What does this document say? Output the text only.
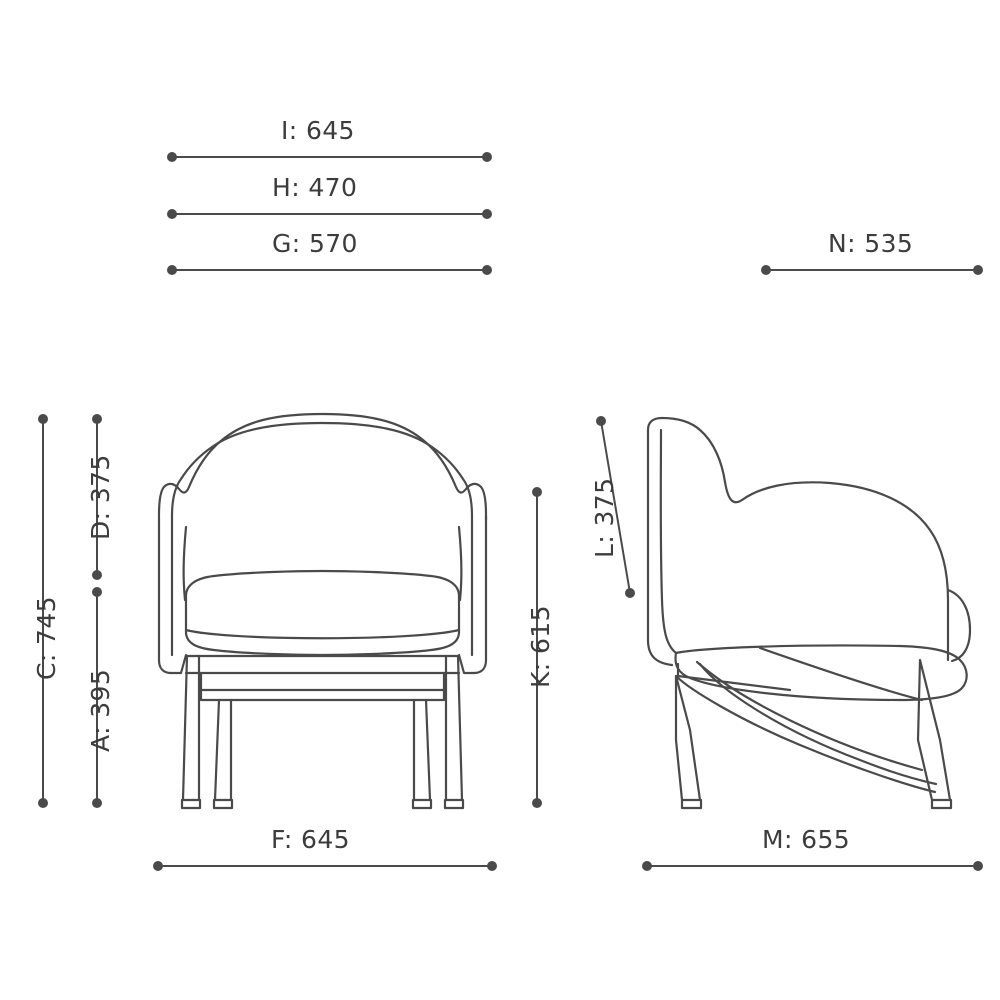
I: 645
H: 470
G: 570	N: 535
C: 745
D: 375
A: 395
K: 615
L: 375
F: 645	M: 655
